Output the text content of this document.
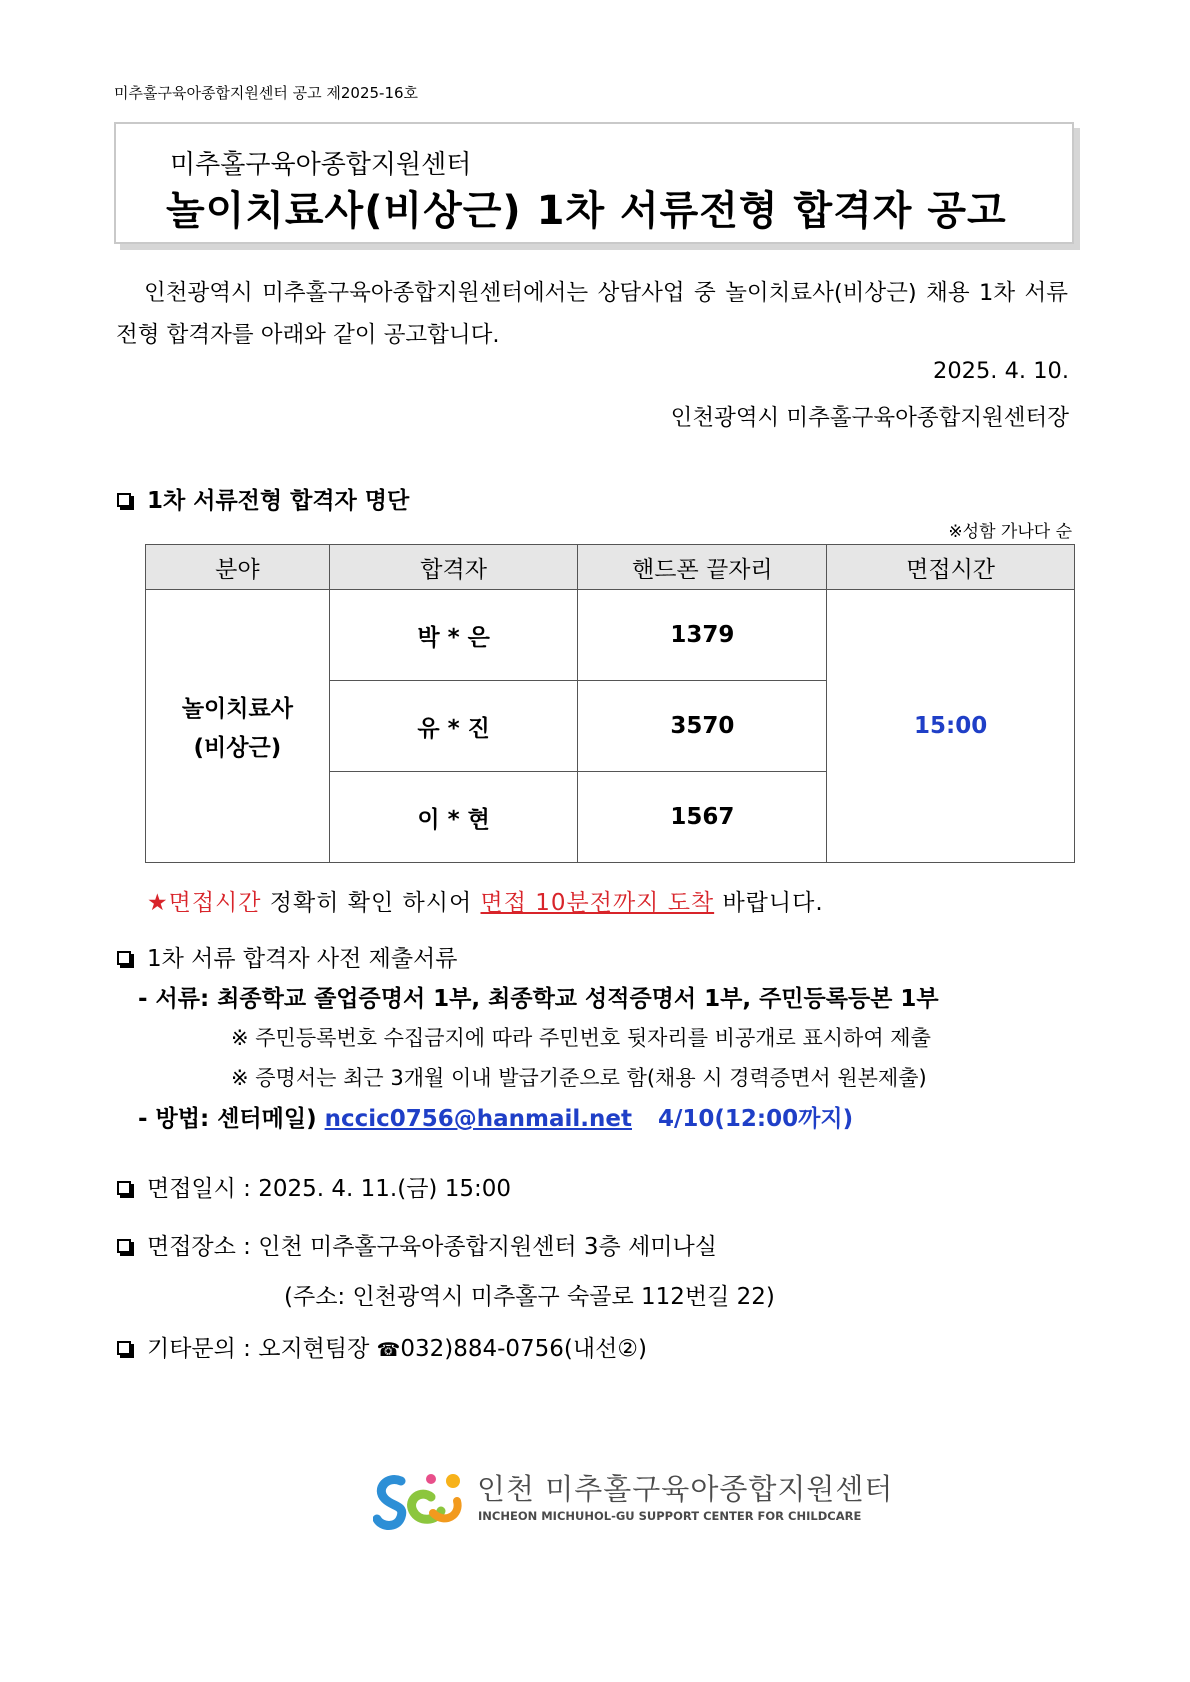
미추홀구육아종합지원센터 공고 제2025-16호
미추홀구육아종합지원센터
놀이치료사(비상근) 1차 서류전형 합격자 공고
인천광역시 미추홀구육아종합지원센터에서는 상담사업 중 놀이치료사(비상근) 채용 1차 서류전형 합격자를 아래와 같이 공고합니다.
2025. 4. 10.
인천광역시 미추홀구육아종합지원센터장
1차 서류전형 합격자 명단
※성함 가나다 순
분야	합격자	핸드폰 끝자리	면접시간

놀이치료사
(비상근)	박 * 은	1379	15:00
	유 * 진	3570	
	이 * 현	1567	
★면접시간 정확히 확인 하시어 면접 10분전까지 도착 바랍니다.
1차 서류 합격자 사전 제출서류
- 서류: 최종학교 졸업증명서 1부, 최종학교 성적증명서 1부, 주민등록등본 1부
※ 주민등록번호 수집금지에 따라 주민번호 뒷자리를 비공개로 표시하여 제출
※ 증명서는 최근 3개월 이내 발급기준으로 함(채용 시 경력증면서 원본제출)
- 방법: 센터메일) nccic0756@hanmail.net 4/10(12:00까지)
면접일시 : 2025. 4. 11.(금) 15:00
면접장소 : 인천 미추홀구육아종합지원센터 3층 세미나실
(주소: 인천광역시 미추홀구 숙골로 112번길 22)
기타문의 : 오지현팀장 ☎032)884-0756(내선②)
인천 미추홀구육아종합지원센터
INCHEON MICHUHOL-GU SUPPORT CENTER FOR CHILDCARE
